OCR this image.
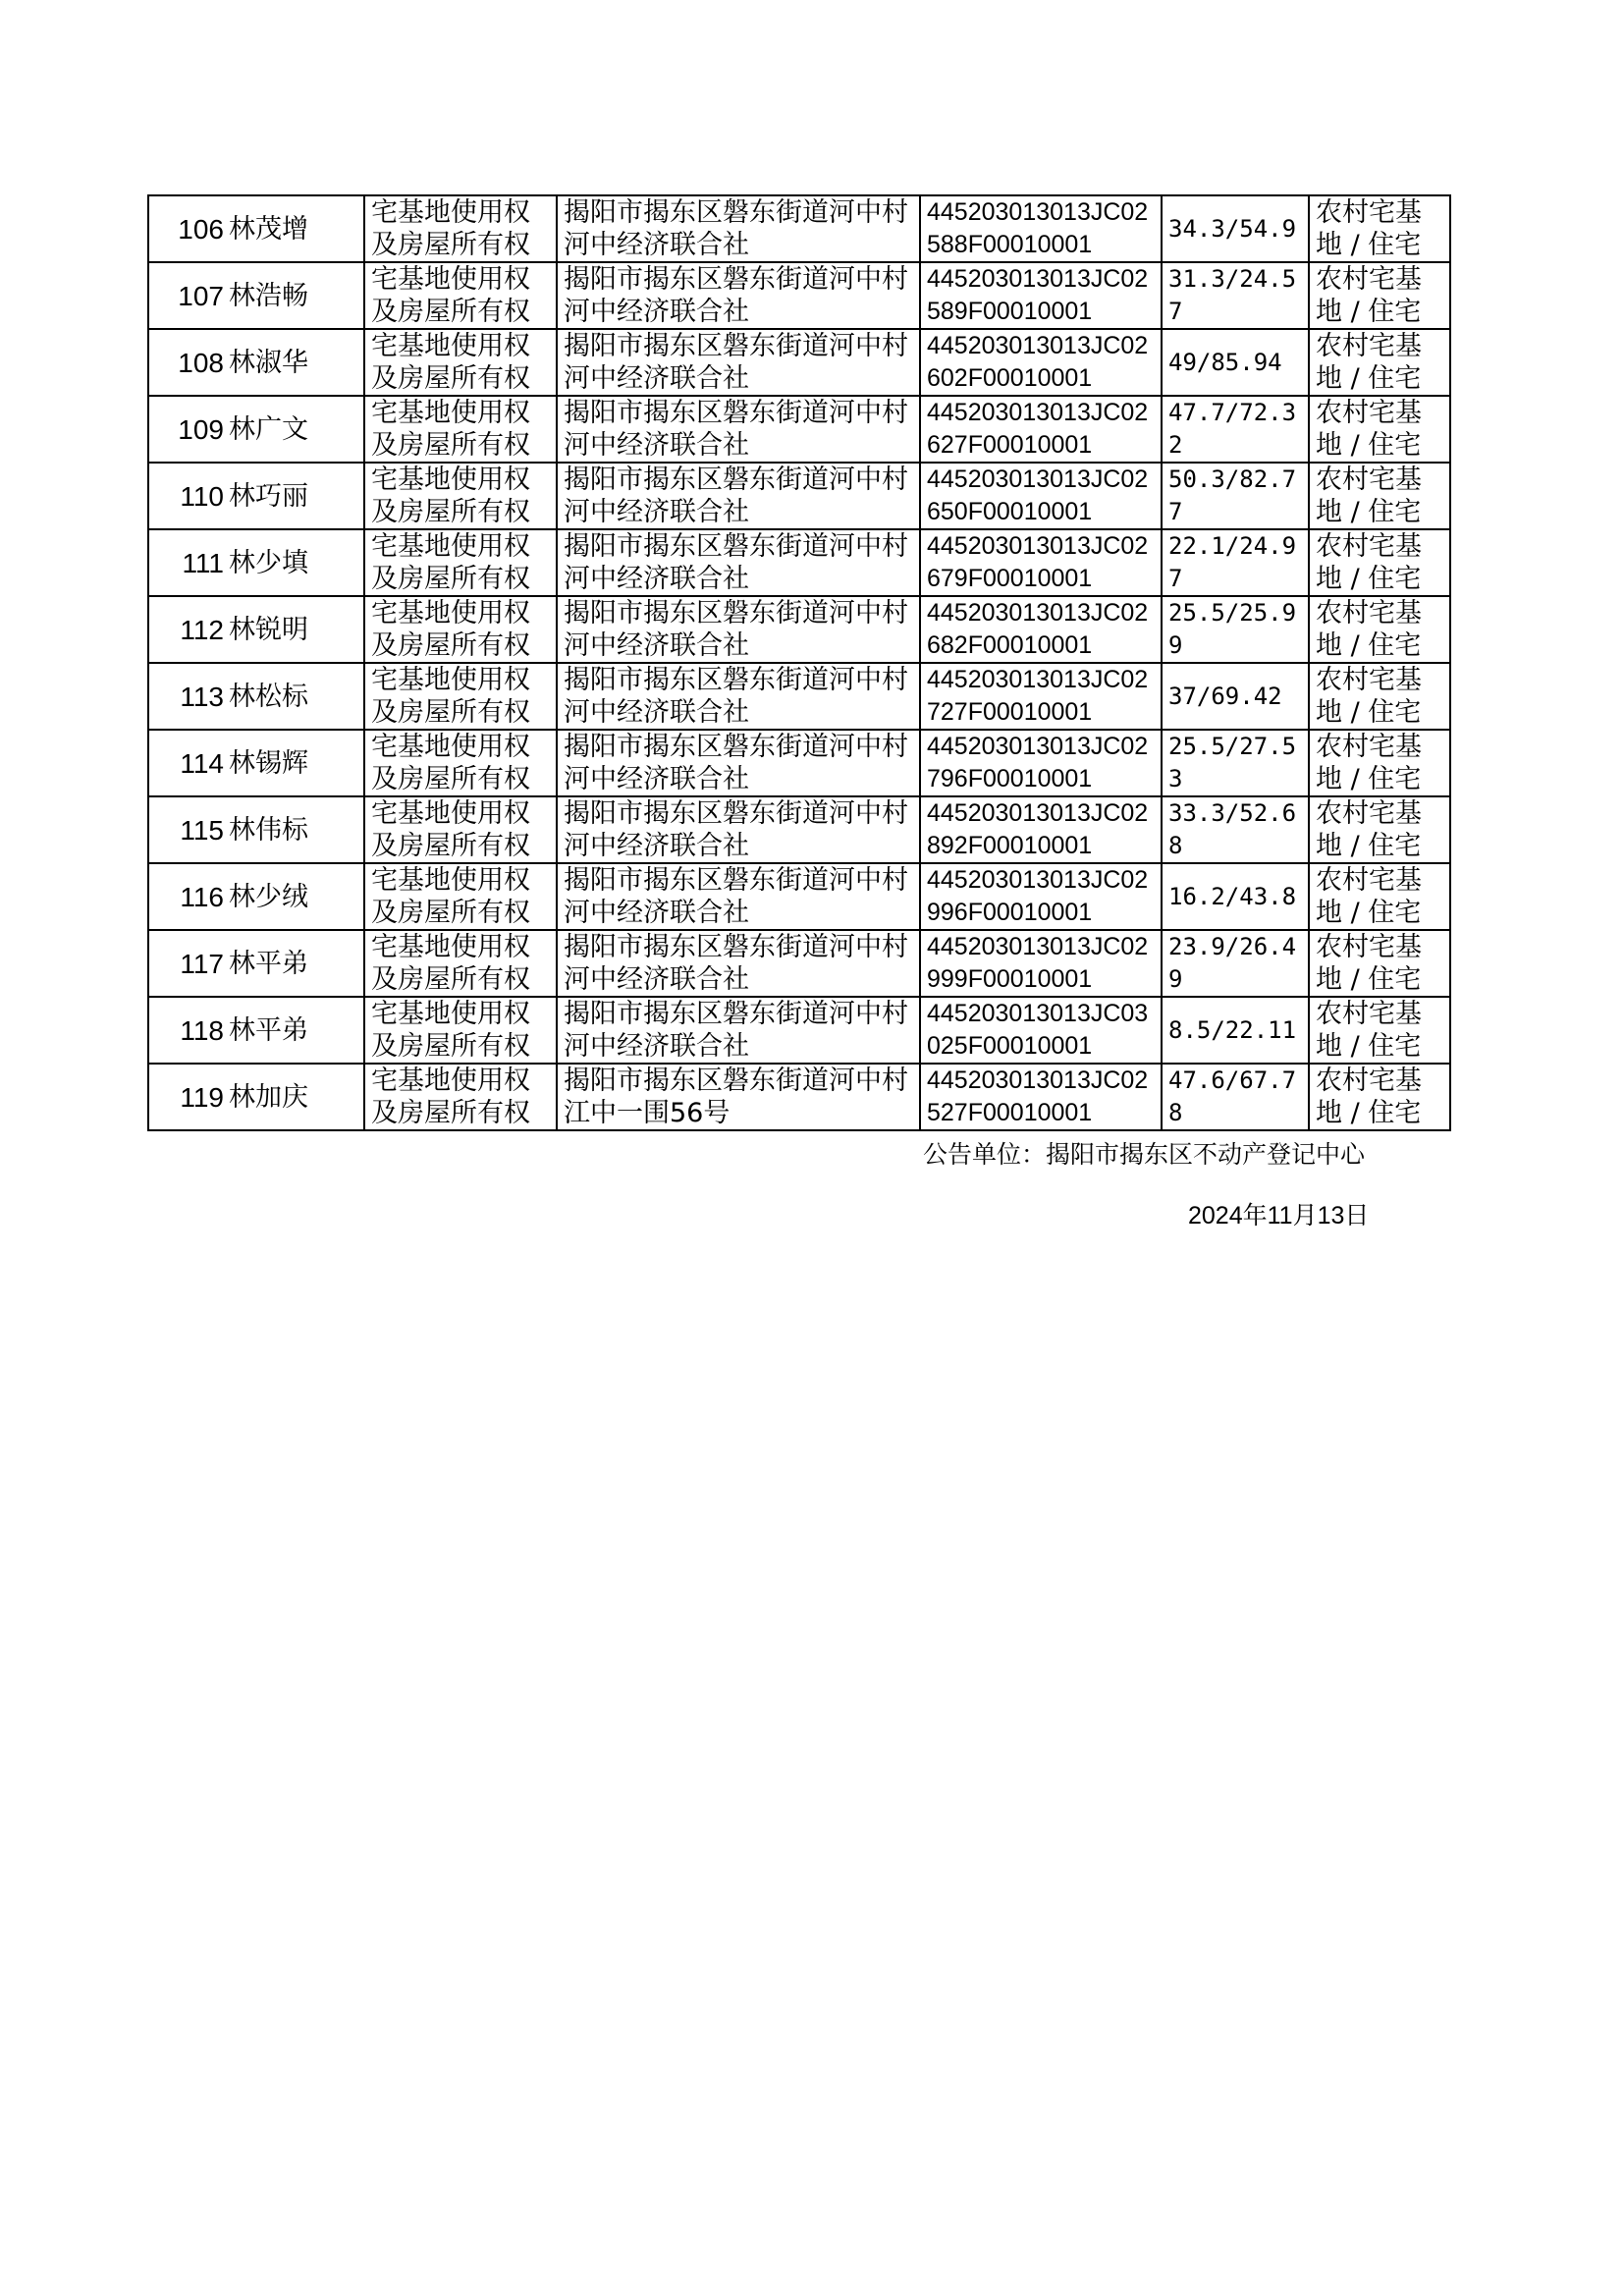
106	林茂增	宅基地使用权及房屋所有权	揭阳市揭东区磐东街道河中村河中经济联合社	445203013013JC02588F00010001	34.3/54.9	农村宅基地 / 住宅
107	林浩畅	宅基地使用权及房屋所有权	揭阳市揭东区磐东街道河中村河中经济联合社	445203013013JC02589F00010001	31.3/24.57	农村宅基地 / 住宅
108	林淑华	宅基地使用权及房屋所有权	揭阳市揭东区磐东街道河中村河中经济联合社	445203013013JC02602F00010001	49/85.94	农村宅基地 / 住宅
109	林广文	宅基地使用权及房屋所有权	揭阳市揭东区磐东街道河中村河中经济联合社	445203013013JC02627F00010001	47.7/72.32	农村宅基地 / 住宅
110	林巧丽	宅基地使用权及房屋所有权	揭阳市揭东区磐东街道河中村河中经济联合社	445203013013JC02650F00010001	50.3/82.77	农村宅基地 / 住宅
111	林少填	宅基地使用权及房屋所有权	揭阳市揭东区磐东街道河中村河中经济联合社	445203013013JC02679F00010001	22.1/24.97	农村宅基地 / 住宅
112	林锐明	宅基地使用权及房屋所有权	揭阳市揭东区磐东街道河中村河中经济联合社	445203013013JC02682F00010001	25.5/25.99	农村宅基地 / 住宅
113	林松标	宅基地使用权及房屋所有权	揭阳市揭东区磐东街道河中村河中经济联合社	445203013013JC02727F00010001	37/69.42	农村宅基地 / 住宅
114	林锡辉	宅基地使用权及房屋所有权	揭阳市揭东区磐东街道河中村河中经济联合社	445203013013JC02796F00010001	25.5/27.53	农村宅基地 / 住宅
115	林伟标	宅基地使用权及房屋所有权	揭阳市揭东区磐东街道河中村河中经济联合社	445203013013JC02892F00010001	33.3/52.68	农村宅基地 / 住宅
116	林少绒	宅基地使用权及房屋所有权	揭阳市揭东区磐东街道河中村河中经济联合社	445203013013JC02996F00010001	16.2/43.8	农村宅基地 / 住宅
117	林平弟	宅基地使用权及房屋所有权	揭阳市揭东区磐东街道河中村河中经济联合社	445203013013JC02999F00010001	23.9/26.49	农村宅基地 / 住宅
118	林平弟	宅基地使用权及房屋所有权	揭阳市揭东区磐东街道河中村河中经济联合社	445203013013JC03025F00010001	8.5/22.11	农村宅基地 / 住宅
119	林加庆	宅基地使用权及房屋所有权	揭阳市揭东区磐东街道河中村江中一围56号	445203013013JC02527F00010001	47.6/67.78	农村宅基地 / 住宅
公告单位：揭阳市揭东区不动产登记中心
2024年11月13日
